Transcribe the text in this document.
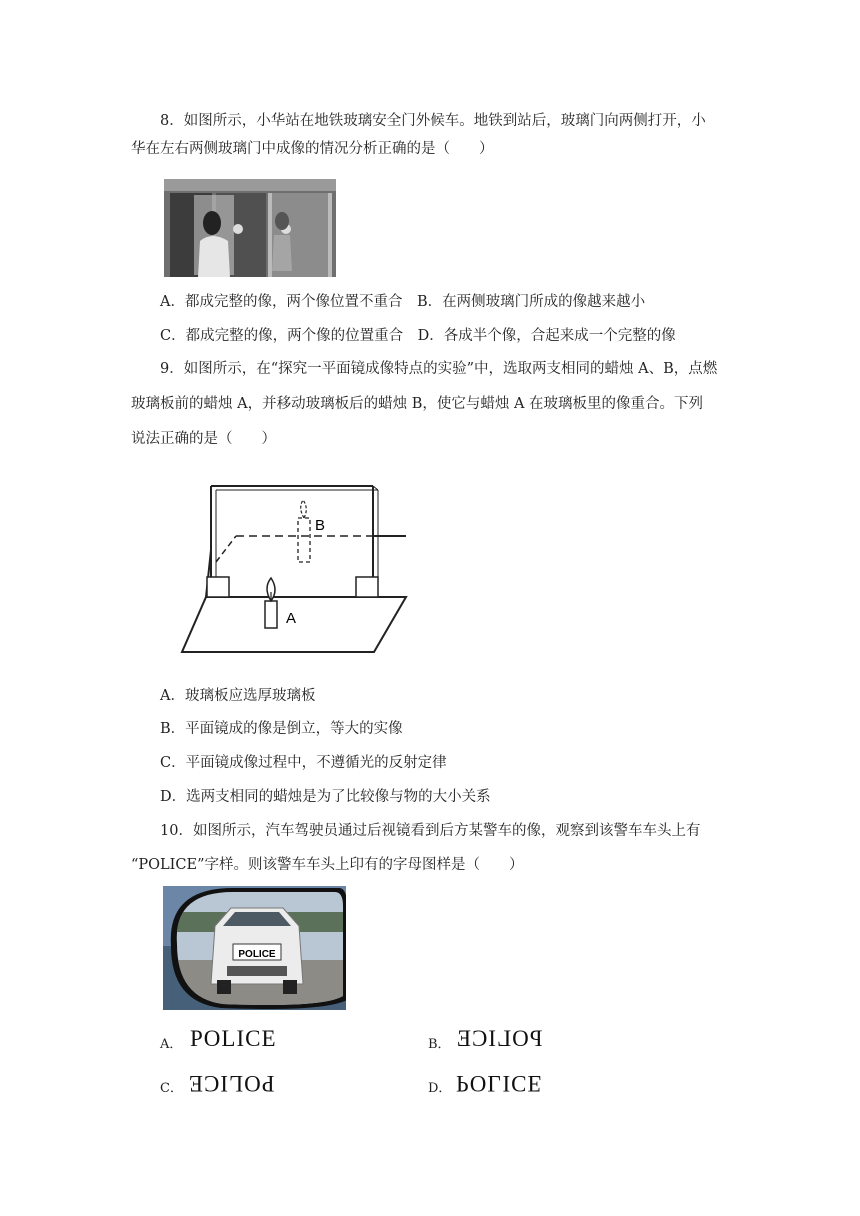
8．如图所示，小华站在地铁玻璃安全门外候车。地铁到站后，玻璃门向两侧打开，小
华在左右两侧玻璃门中成像的情况分析正确的是（　　）
A．都成完整的像，两个像位置不重合　B．在两侧玻璃门所成的像越来越小
C．都成完整的像，两个像的位置重合　D．各成半个像，合起来成一个完整的像
9．如图所示，在“探究一平面镜成像特点的实验”中，选取两支相同的蜡烛 A、B，点燃
玻璃板前的蜡烛 A，并移动玻璃板后的蜡烛 B，使它与蜡烛 A 在玻璃板里的像重合。下列
说法正确的是（　　）
B
A
A．玻璃板应选厚玻璃板
B．平面镜成的像是倒立，等大的实像
C．平面镜成像过程中，不遵循光的反射定律
D．选两支相同的蜡烛是为了比较像与物的大小关系
10．如图所示，汽车驾驶员通过后视镜看到后方某警车的像，观察到该警车车头上有
“POLICE”字样。则该警车车头上印有的字母图样是（　　）
POLICE
A． POLICE	B． POLICE
C． POLICE	D． POLICE
